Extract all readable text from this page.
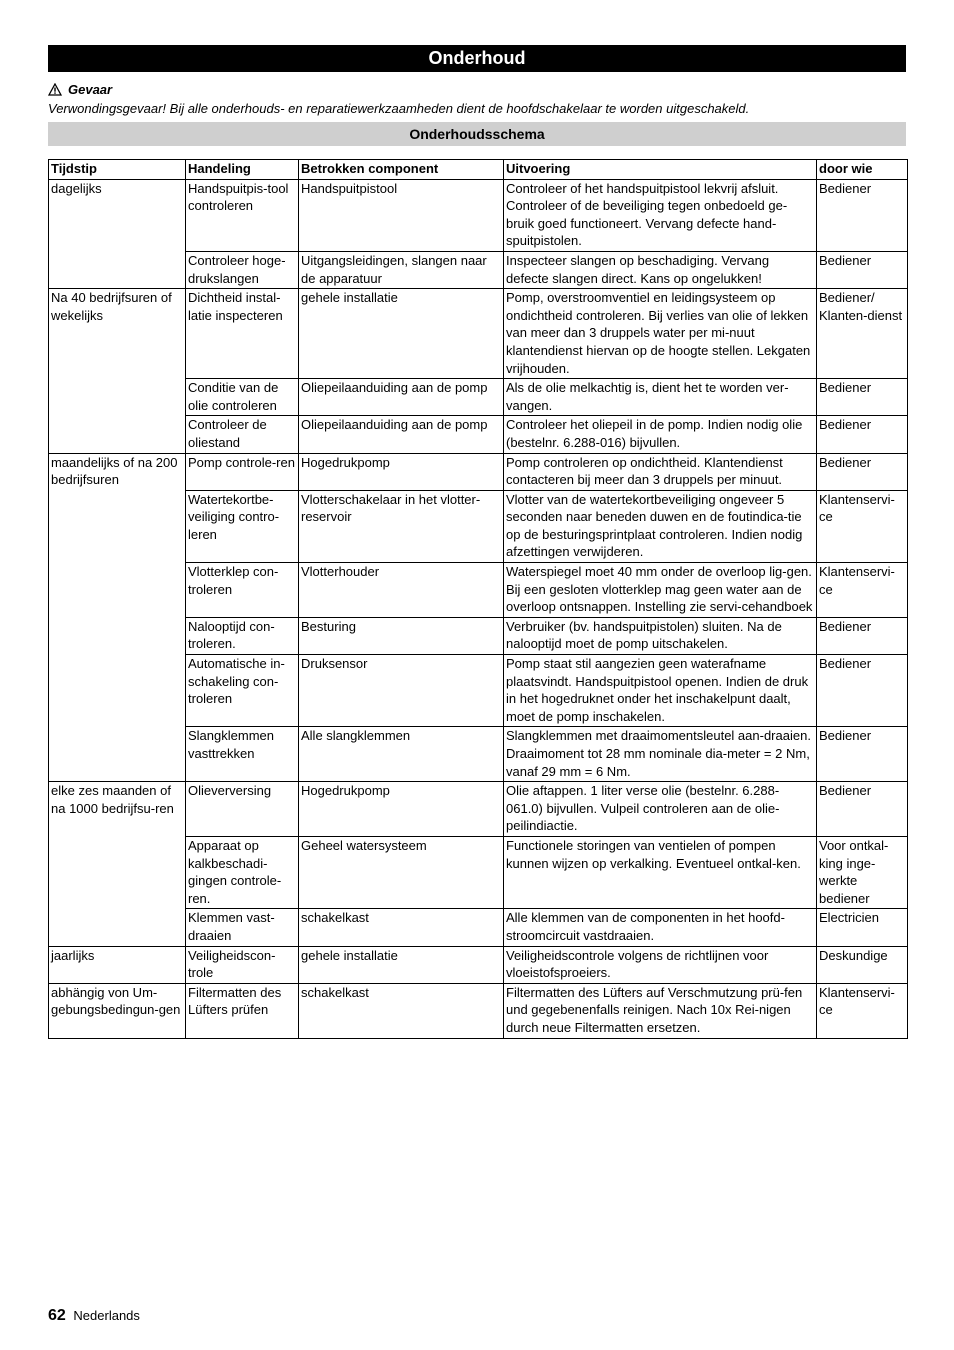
Onderhoud
Gevaar
Verwondingsgevaar! Bij alle onderhouds- en reparatiewerkzaamheden dient de hoofdschakelaar te worden uitgeschakeld.
Onderhoudsschema
Tijdstip	Handeling	Betrokken component	Uitvoering	door wie
dagelijks	Handspuitpis-tool controleren	Handspuitpistool	Controleer of het handspuitpistool lekvrij afsluit. Controleer of de beveiliging tegen onbedoeld ge-bruik goed functioneert. Vervang defecte hand-spuitpistolen.	Bediener
	Controleer hoge-drukslangen	Uitgangsleidingen, slangen naar de apparatuur	Inspecteer slangen op beschadiging. Vervang defecte slangen direct. Kans op ongelukken!	Bediener
Na 40 bedrijfsuren of wekelijks	Dichtheid instal-latie inspecteren	gehele installatie	Pomp, overstroomventiel en leidingsysteem op ondichtheid controleren. Bij verlies van olie of lekken van meer dan 3 druppels water per mi-nuut klantendienst hiervan op de hoogte stellen. Lekgaten vrijhouden.	Bediener/ Klanten-dienst
	Conditie van de olie controleren	Oliepeilaanduiding aan de pomp	Als de olie melkachtig is, dient het te worden ver-vangen.	Bediener
	Controleer de oliestand	Oliepeilaanduiding aan de pomp	Controleer het oliepeil in de pomp. Indien nodig olie (bestelnr. 6.288-016) bijvullen.	Bediener
maandelijks of na 200 bedrijfsuren	Pomp controle-ren	Hogedrukpomp	Pomp controleren op ondichtheid. Klantendienst contacteren bij meer dan 3 druppels per minuut.	Bediener
	Watertekortbe-veiliging contro-leren	Vlotterschakelaar in het vlotter-reservoir	Vlotter van de watertekortbeveiliging ongeveer 5 seconden naar beneden duwen en de foutindica-tie op de besturingsprintplaat controleren. Indien nodig afzettingen verwijderen.	Klantenservi-ce
	Vlotterklep con-troleren	Vlotterhouder	Waterspiegel moet 40 mm onder de overloop lig-gen. Bij een gesloten vlotterklep mag geen water aan de overloop ontsnappen. Instelling zie servi-cehandboek	Klantenservi-ce
	Nalooptijd con-troleren.	Besturing	Verbruiker (bv. handspuitpistolen) sluiten. Na de nalooptijd moet de pomp uitschakelen.	Bediener
	Automatische in-schakeling con-troleren	Druksensor	Pomp staat stil aangezien geen waterafname plaatsvindt. Handspuitpistool openen. Indien de druk in het hogedruknet onder het inschakelpunt daalt, moet de pomp inschakelen.	Bediener
	Slangklemmen vasttrekken	Alle slangklemmen	Slangklemmen met draaimomentsleutel aan-draaien. Draaimoment tot 28 mm nominale dia-meter = 2 Nm, vanaf 29 mm = 6 Nm.	Bediener
elke zes maanden of na 1000 bedrijfsu-ren	Olieverversing	Hogedrukpomp	Olie aftappen. 1 liter verse olie (bestelnr. 6.288-061.0) bijvullen. Vulpeil controleren aan de olie-peilindiactie.	Bediener
	Apparaat op kalkbeschadi-gingen controle-ren.	Geheel watersysteem	Functionele storingen van ventielen of pompen kunnen wijzen op verkalking. Eventueel ontkal-ken.	Voor ontkal-king inge-werkte bediener
	Klemmen vast-draaien	schakelkast	Alle klemmen van de componenten in het hoofd-stroomcircuit vastdraaien.	Electricien
jaarlijks	Veiligheidscon-trole	gehele installatie	Veiligheidscontrole volgens de richtlijnen voor vloeistofsproeiers.	Deskundige
abhängig von Um-gebungsbedingun-gen	Filtermatten des Lüfters prüfen	schakelkast	Filtermatten des Lüfters auf Verschmutzung prü-fen und gegebenenfalls reinigen. Nach 10x Rei-nigen durch neue Filtermatten ersetzen.	Klantenservi-ce
62 Nederlands
